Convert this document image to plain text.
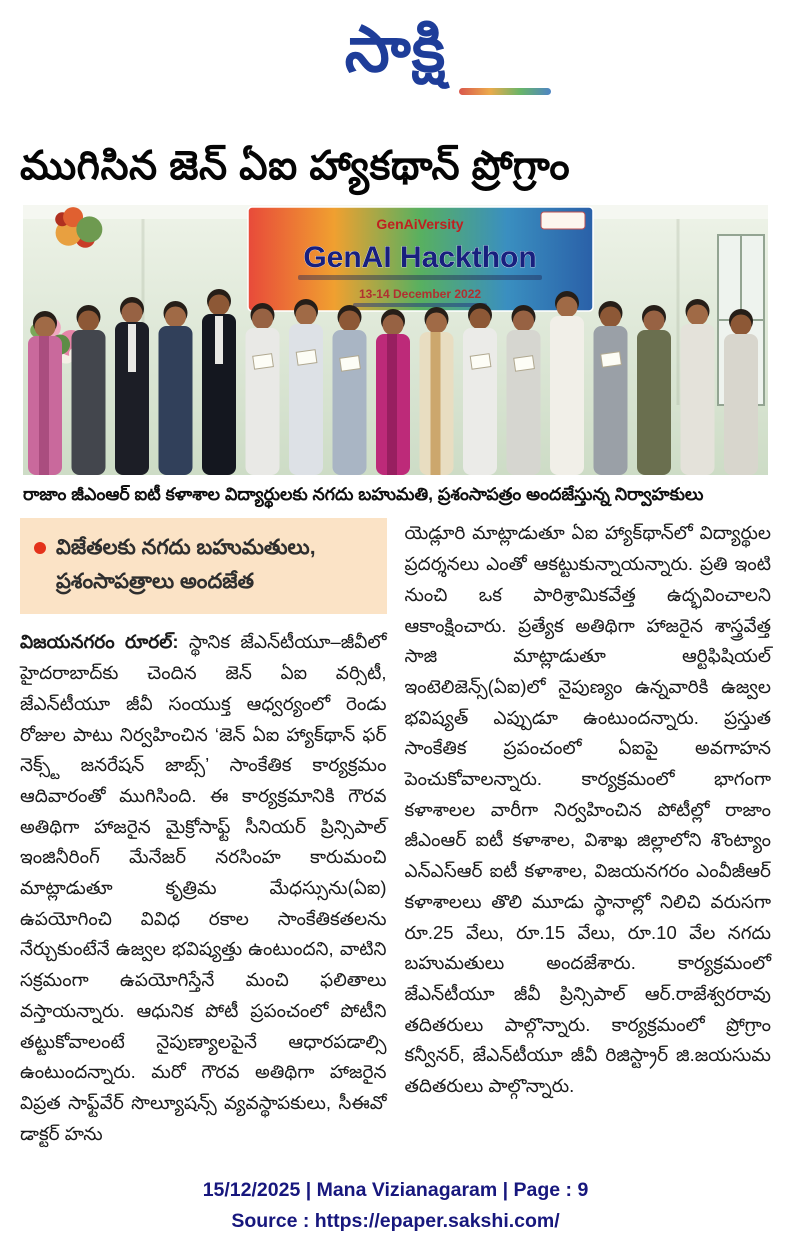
సాక్షి
ముగిసిన జెన్ ఏఐ హ్యాకథాన్ ప్రోగ్రాం
GenAiVersity
GenAI Hackthon
13-14 December 2022
రాజాం జీఎంఆర్ ఐటీ కళాశాల విద్యార్థులకు నగదు బహుమతి, ప్రశంసాపత్రం అందజేస్తున్న నిర్వాహకులు
విజేతలకు నగదు బహుమతులు, ప్రశంసాపత్రాలు అందజేత
విజయనగరం రూరల్: స్థానిక జేఎన్‌టీయూ–జీవీలో హైదరాబాద్‌కు చెందిన జెన్ ఏఐ వర్సిటీ, జేఎన్‌టీయూ జీవీ సంయుక్త ఆధ్వర్యంలో రెండు రోజుల పాటు నిర్వహించిన ‘జెన్ ఏఐ హ్యాక్‌థాన్ ఫర్ నెక్స్ట్ జనరేషన్ జాబ్స్’ సాంకేతిక కార్యక్రమం ఆదివారంతో ముగిసింది. ఈ కార్యక్రమానికి గౌరవ అతిథిగా హాజరైన మైక్రోసాఫ్ట్ సీనియర్ ప్రిన్సిపాల్ ఇంజినీరింగ్ మేనేజర్ నరసింహ కారుమంచి మాట్లాడుతూ కృత్రిమ మేధస్సును(ఏఐ) ఉపయోగించి వివిధ రకాల సాంకేతికతలను నేర్చుకుంటేనే ఉజ్వల భవిష్యత్తు ఉంటుందని, వాటిని సక్రమంగా ఉపయోగిస్తేనే మంచి ఫలితాలు వస్తాయన్నారు. ఆధునిక పోటీ ప్రపంచంలో పోటీని తట్టుకోవాలంటే నైపుణ్యాలపైనే ఆధారపడాల్సి ఉంటుందన్నారు. మరో గౌరవ అతిథిగా హాజరైన విప్రత సాఫ్ట్‌వేర్ సొల్యూషన్స్ వ్యవస్థాపకులు, సీఈవో డాక్టర్ హను
యెడ్లూరి మాట్లాడుతూ ఏఐ హ్యాక్‌థాన్‌లో విద్యార్థుల ప్రదర్శనలు ఎంతో ఆకట్టుకున్నాయన్నారు. ప్రతి ఇంటి నుంచి ఒక పారిశ్రామికవేత్త ఉద్భవించాలని ఆకాంక్షించారు. ప్రత్యేక అతిథిగా హాజరైన శాస్త్రవేత్త సాజి మాట్లాడుతూ ఆర్టిఫిషియల్ ఇంటెలిజెన్స్(ఏఐ)లో నైపుణ్యం ఉన్నవారికి ఉజ్వల భవిష్యత్ ఎప్పుడూ ఉంటుందన్నారు. ప్రస్తుత సాంకేతిక ప్రపంచంలో ఏఐపై అవగాహన పెంచుకోవాలన్నారు. కార్యక్రమంలో భాగంగా కళాశాలల వారీగా నిర్వహించిన పోటీల్లో రాజాం జీఎంఆర్ ఐటీ కళాశాల, విశాఖ జిల్లాలోని శొంట్యాం ఎన్ఎస్ఆర్ ఐటీ కళాశాల, విజయనగరం ఎంవీజీఆర్ కళాశాలలు తొలి మూడు స్థానాల్లో నిలిచి వరుసగా రూ.25 వేలు, రూ.15 వేలు, రూ.10 వేల నగదు బహుమతులు అందజేశారు. కార్యక్రమంలో జేఎన్‌టీయూ జీవీ ప్రిన్సిపాల్ ఆర్.రాజేశ్వరరావు తదితరులు పాల్గొన్నారు. కార్యక్రమంలో ప్రోగ్రాం కన్వీనర్, జేఎన్‌టీయూ జీవీ రిజిస్ట్రార్ జి.జయసుమ తదితరులు పాల్గొన్నారు.
15/12/2025 | Mana Vizianagaram | Page : 9
Source : https://epaper.sakshi.com/
